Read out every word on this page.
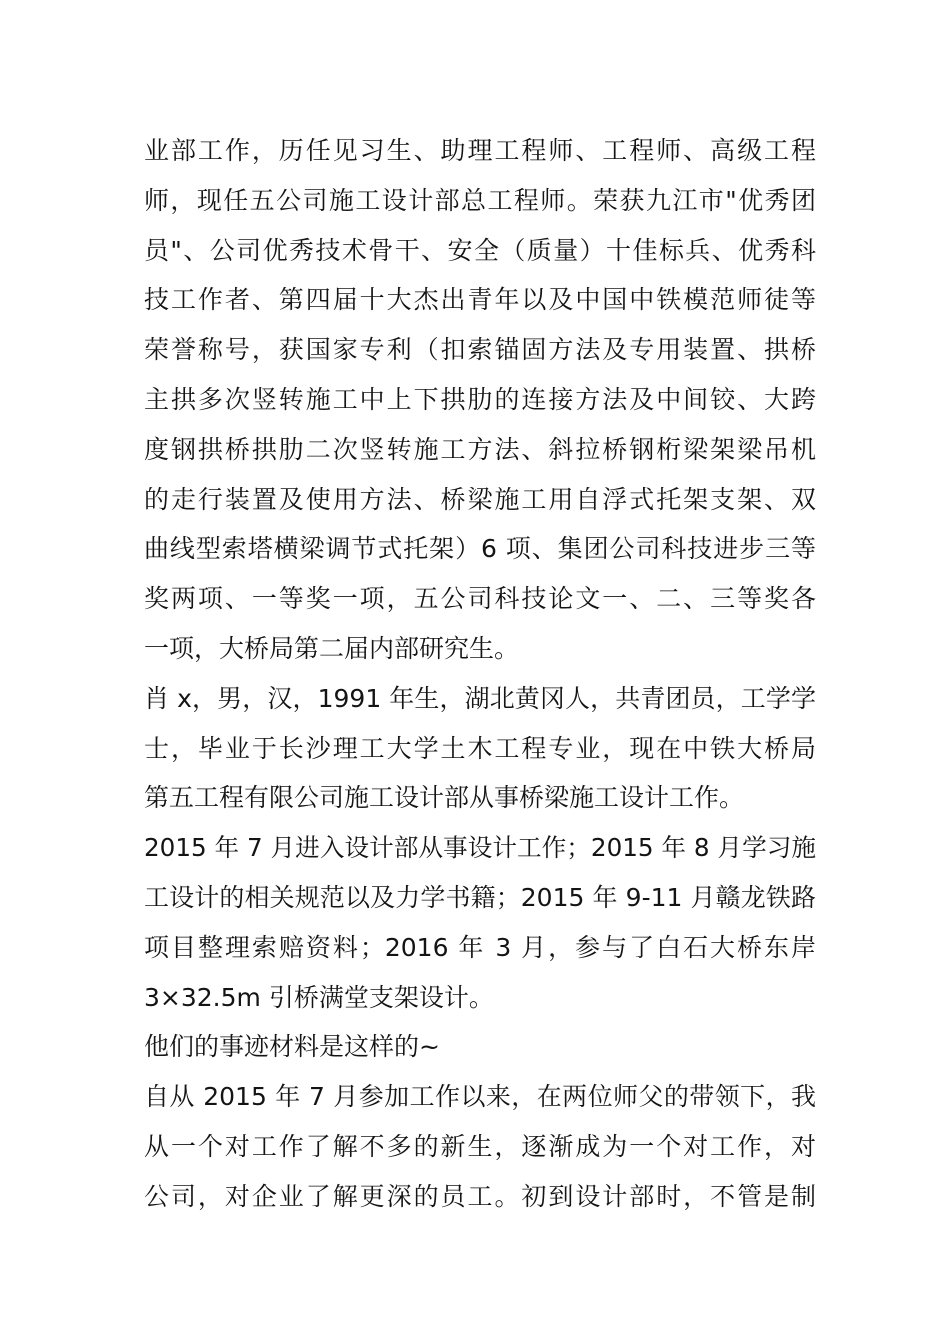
业部工作，历任见习生、助理工程师、工程师、高级工程
师，现任五公司施工设计部总工程师。荣获九江市"优秀团
员"、公司优秀技术骨干、安全（质量）十佳标兵、优秀科
技工作者、第四届十大杰出青年以及中国中铁模范师徒等
荣誉称号，获国家专利（扣索锚固方法及专用装置、拱桥
主拱多次竖转施工中上下拱肋的连接方法及中间铰、大跨
度钢拱桥拱肋二次竖转施工方法、斜拉桥钢桁梁架梁吊机
的走行装置及使用方法、桥梁施工用自浮式托架支架、双
曲线型索塔横梁调节式托架）6 项、集团公司科技进步三等
奖两项、一等奖一项，五公司科技论文一、二、三等奖各
一项，大桥局第二届内部研究生。
肖 x，男，汉，1991 年生，湖北黄冈人，共青团员，工学学
士，毕业于长沙理工大学土木工程专业，现在中铁大桥局
第五工程有限公司施工设计部从事桥梁施工设计工作。
2015 年 7 月进入设计部从事设计工作；2015 年 8 月学习施
工设计的相关规范以及力学书籍；2015 年 9-11 月赣龙铁路
项目整理索赔资料；2016 年 3 月，参与了白石大桥东岸
3×32.5m 引桥满堂支架设计。
他们的事迹材料是这样的~
自从 2015 年 7 月参加工作以来，在两位师父的带领下，我
从一个对工作了解不多的新生，逐渐成为一个对工作，对
公司，对企业了解更深的员工。初到设计部时，不管是制
